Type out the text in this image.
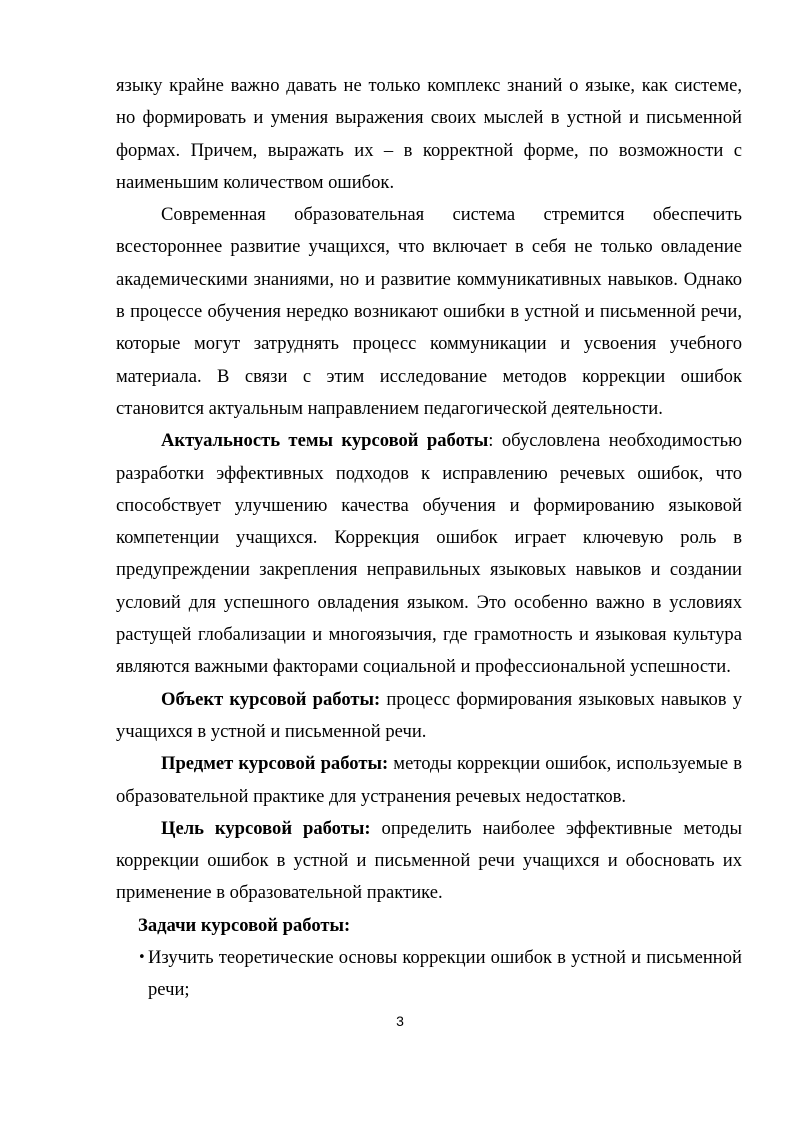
языку крайне важно давать не только комплекс знаний о языке, как системе, но формировать и умения выражения своих мыслей в устной и письменной формах. Причем, выражать их – в корректной форме, по возможности с наименьшим количеством ошибок.

Современная образовательная система стремится обеспечить всестороннее развитие учащихся, что включает в себя не только овладение академическими знаниями, но и развитие коммуникативных навыков. Однако в процессе обучения нередко возникают ошибки в устной и письменной речи, которые могут затруднять процесс коммуникации и усвоения учебного материала. В связи с этим исследование методов коррекции ошибок становится актуальным направлением педагогической деятельности.

Актуальность темы курсовой работы: обусловлена необходимостью разработки эффективных подходов к исправлению речевых ошибок, что способствует улучшению качества обучения и формированию языковой компетенции учащихся. Коррекция ошибок играет ключевую роль в предупреждении закрепления неправильных языковых навыков и создании условий для успешного овладения языком. Это особенно важно в условиях растущей глобализации и многоязычия, где грамотность и языковая культура являются важными факторами социальной и профессиональной успешности.

Объект курсовой работы: процесс формирования языковых навыков у учащихся в устной и письменной речи.

Предмет курсовой работы: методы коррекции ошибок, используемые в образовательной практике для устранения речевых недостатков.

Цель курсовой работы: определить наиболее эффективные методы коррекции ошибок в устной и письменной речи учащихся и обосновать их применение в образовательной практике.

Задачи курсовой работы:

• Изучить теоретические основы коррекции ошибок в устной и письменной речи;
3
